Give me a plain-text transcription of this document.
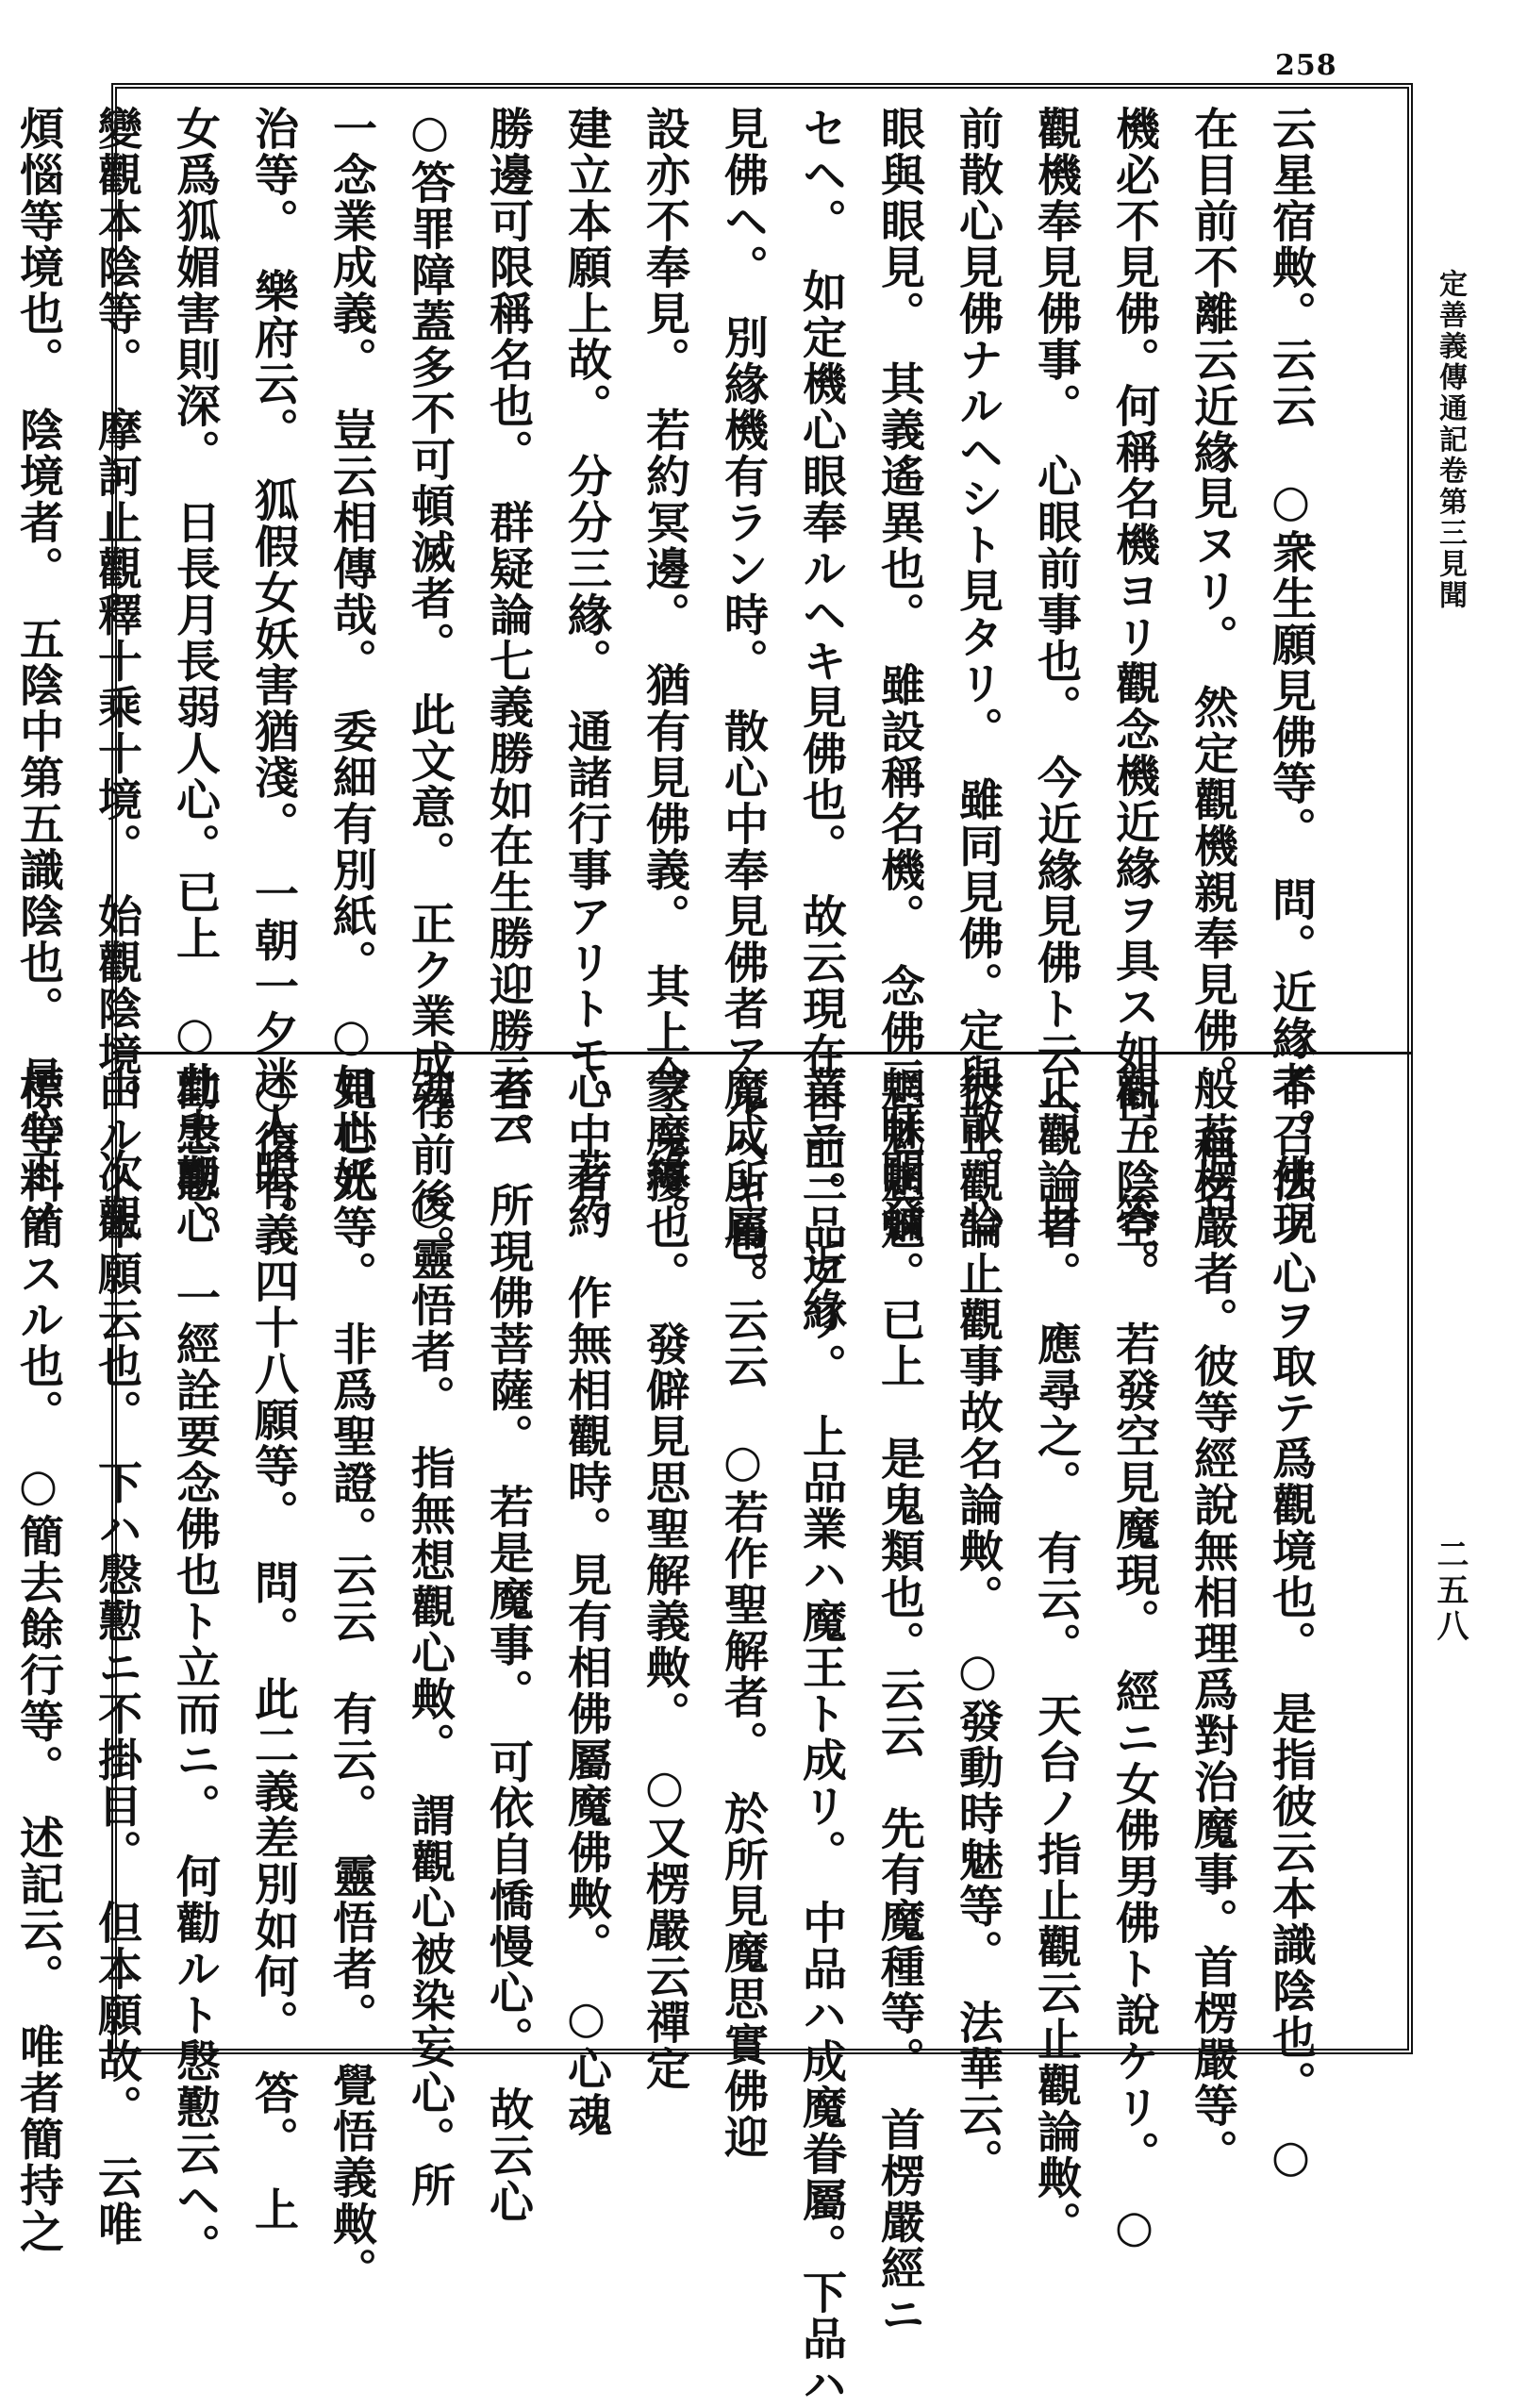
258
定善義傳通記卷第三見聞
二五八
云星宿敟。云云　○衆生願見佛等。　問。近緣者。佛現
在目前不離云近緣見ヌリ。　然定觀機親奉見佛。　稱名
機必不見佛。何稱名機ヨリ觀念機近緣ヲ具ス如何。　答。
觀機奉見佛事。　心眼前事也。　今近緣見佛ト云ヘ。　目
前散心見佛ナルヘシト見タリ。　雖同見佛。定與散。心
眼與眼見。　其義遙異也。　雖設稱名機。　念佛三昧開發
セヘ。　如定機心眼奉ルヘキ見佛也。　故云現在目前。　近緣
見佛ヘ。　別緣機有ラン時。　散心中奉見佛者アルヘキ也。
設亦不奉見。　若約冥邊。　猶有見佛義。　其上今三緣。
建立本願上故。　分分三緣。　通諸行事アリトモ。　若約
勝邊可限稱名也。　群疑論七義勝如在生勝迎勝云云
○答罪障蓋多不可頓滅者。　此文意。　正ク業成存前後。
一念業成義。　豈云相傳哉。　委細有別紙。　○如世妖
治等。　樂府云。　狐假女妖害猶淺。　一朝一夕迷人眼。
女爲狐媚害則深。　日長月長弱人心。已上　○此土觀心
變觀本陰等。　摩訶止觀釋十乘十境。　始觀陰境。　次觀
煩惱等境也。　陰境者。　五陰中第五識陰也。　是心王ノ
不召法ノ心ヲ取テ爲觀境也。　是指彼云本識陰也。　○
般若楞嚴者。彼等經說無相理爲對治魔事。首楞嚴等。
觀五陰空。　若發空見魔現。　經ニ女佛男佛ト說ケリ。　○
止觀論者。　應尋之。　有云。　天台ノ指止觀云止觀論敟。
彼止觀論止觀事故名論敟。　○發動時魅等。　法華云。
魍魅魍魎。已上　是鬼類也。云云　先有魔種等。　首楞嚴經ニ
業ニ三品アリ。　上品業ハ魔王ト成リ。　中品ハ成魔眷屬。下品ハ
魔成所屬。云云　○若作聖解者。　於所見魔思實佛迎
蒙魔擾也。　發僻見思聖解義敟。　○又楞嚴云禪定
心中者。　作無相觀時。見有相佛屬魔佛敟。　○心魂
者。　所現佛菩薩。　若是魔事。　可依自憍慢心。　故云心
魂。　○靈悟者。　指無想觀心敟。　謂觀心被染妄心。所
見心光等。　非爲聖證。云云　有云。　靈悟者。　覺悟義敟。
○復有義四十八願等。　問。　此二義差別如何。　答。　上
勸慇懃。　一經詮要念佛也ト立而ニ。　何勸ルト慇懃云ヘ。
由ルト本願云也。　下ハ慇懃ニ不掛目。　但本願故。　云唯
標等料簡スル也。　○簡去餘行等。　述記云。　唯者簡持之
